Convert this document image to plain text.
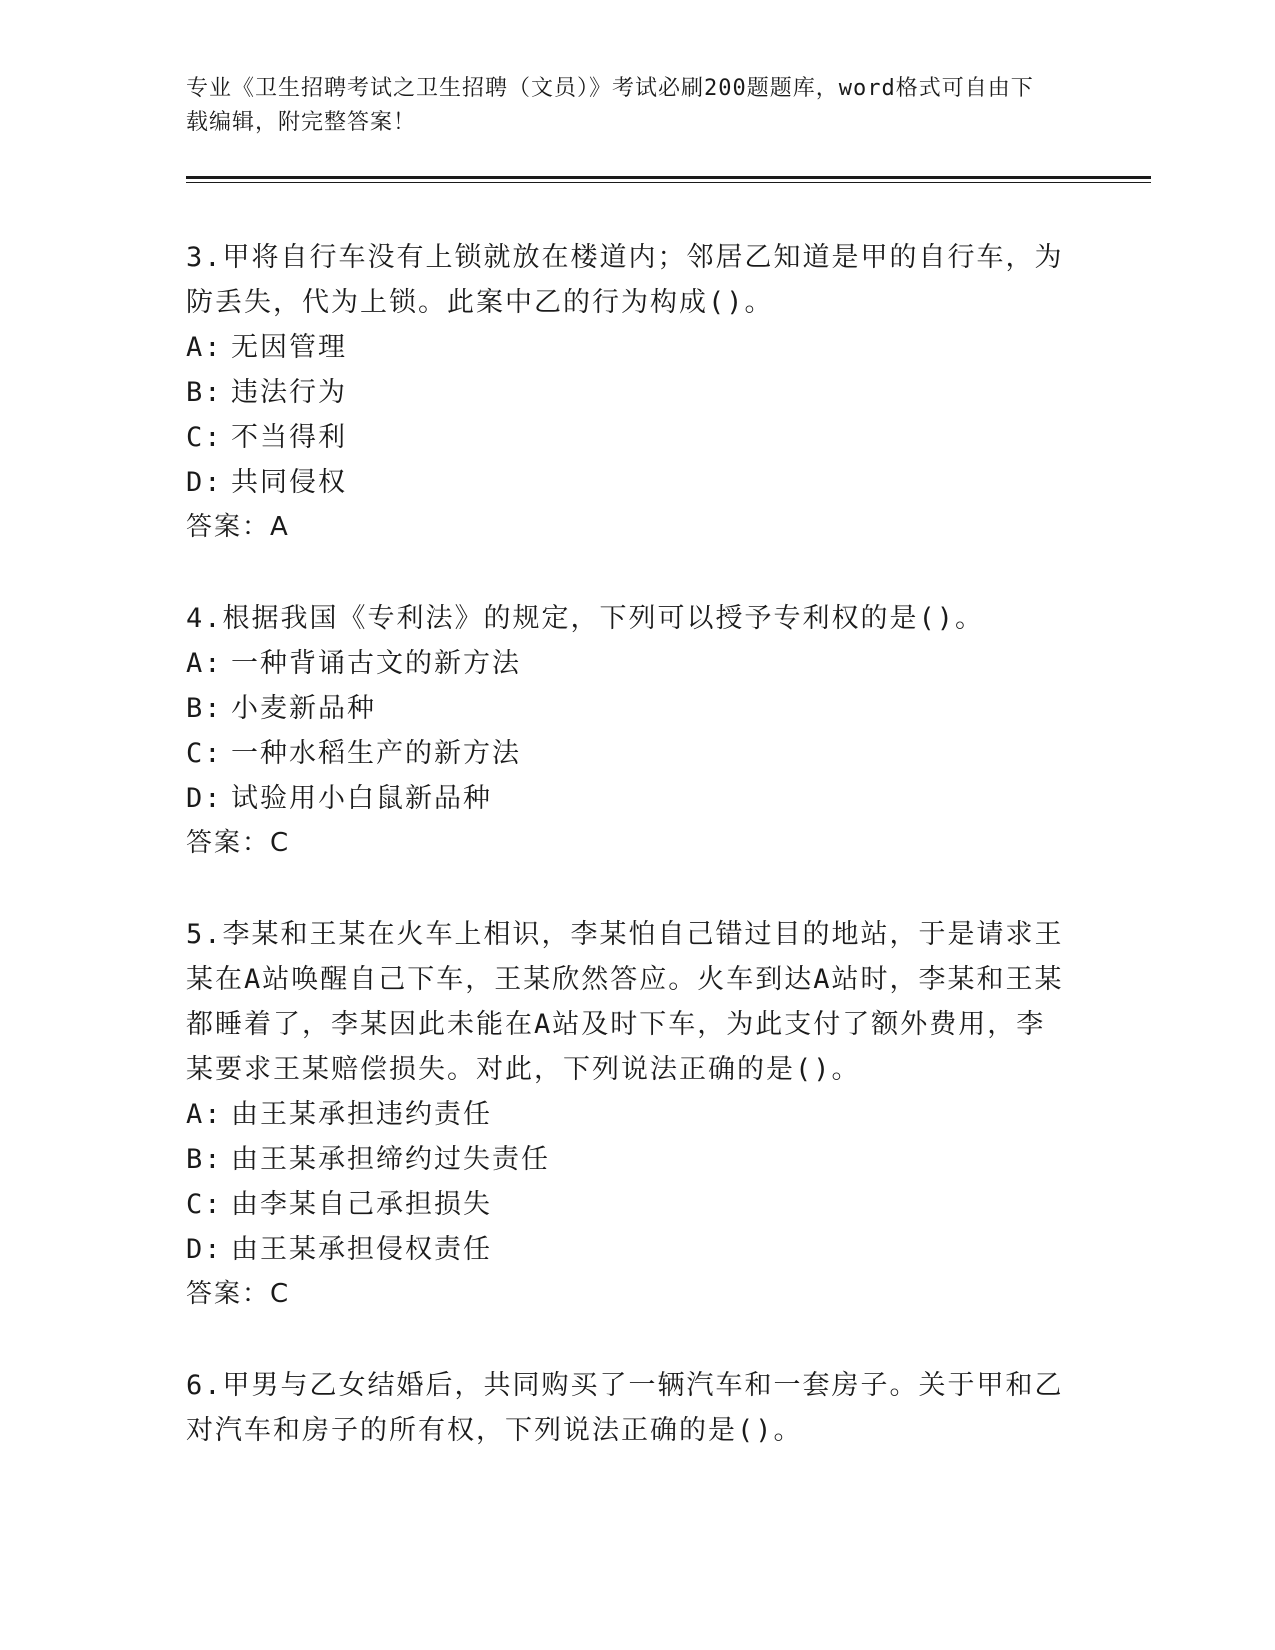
专业《卫生招聘考试之卫生招聘（文员）》考试必刷200题题库，word格式可自由下载编辑，附完整答案！

3.甲将自行车没有上锁就放在楼道内；邻居乙知道是甲的自行车，为防丢失，代为上锁。此案中乙的行为构成()。

A: 无因管理

B: 违法行为

C: 不当得利

D: 共同侵权

答案：A

4.根据我国《专利法》的规定，下列可以授予专利权的是()。

A: 一种背诵古文的新方法

B: 小麦新品种

C: 一种水稻生产的新方法

D: 试验用小白鼠新品种

答案：C

5.李某和王某在火车上相识，李某怕自己错过目的地站，于是请求王某在A站唤醒自己下车，王某欣然答应。火车到达A站时，李某和王某都睡着了，李某因此未能在A站及时下车，为此支付了额外费用，李某要求王某赔偿损失。对此，下列说法正确的是()。

A: 由王某承担违约责任

B: 由王某承担缔约过失责任

C: 由李某自己承担损失

D: 由王某承担侵权责任

答案：C

6.甲男与乙女结婚后，共同购买了一辆汽车和一套房子。关于甲和乙对汽车和房子的所有权，下列说法正确的是()。
